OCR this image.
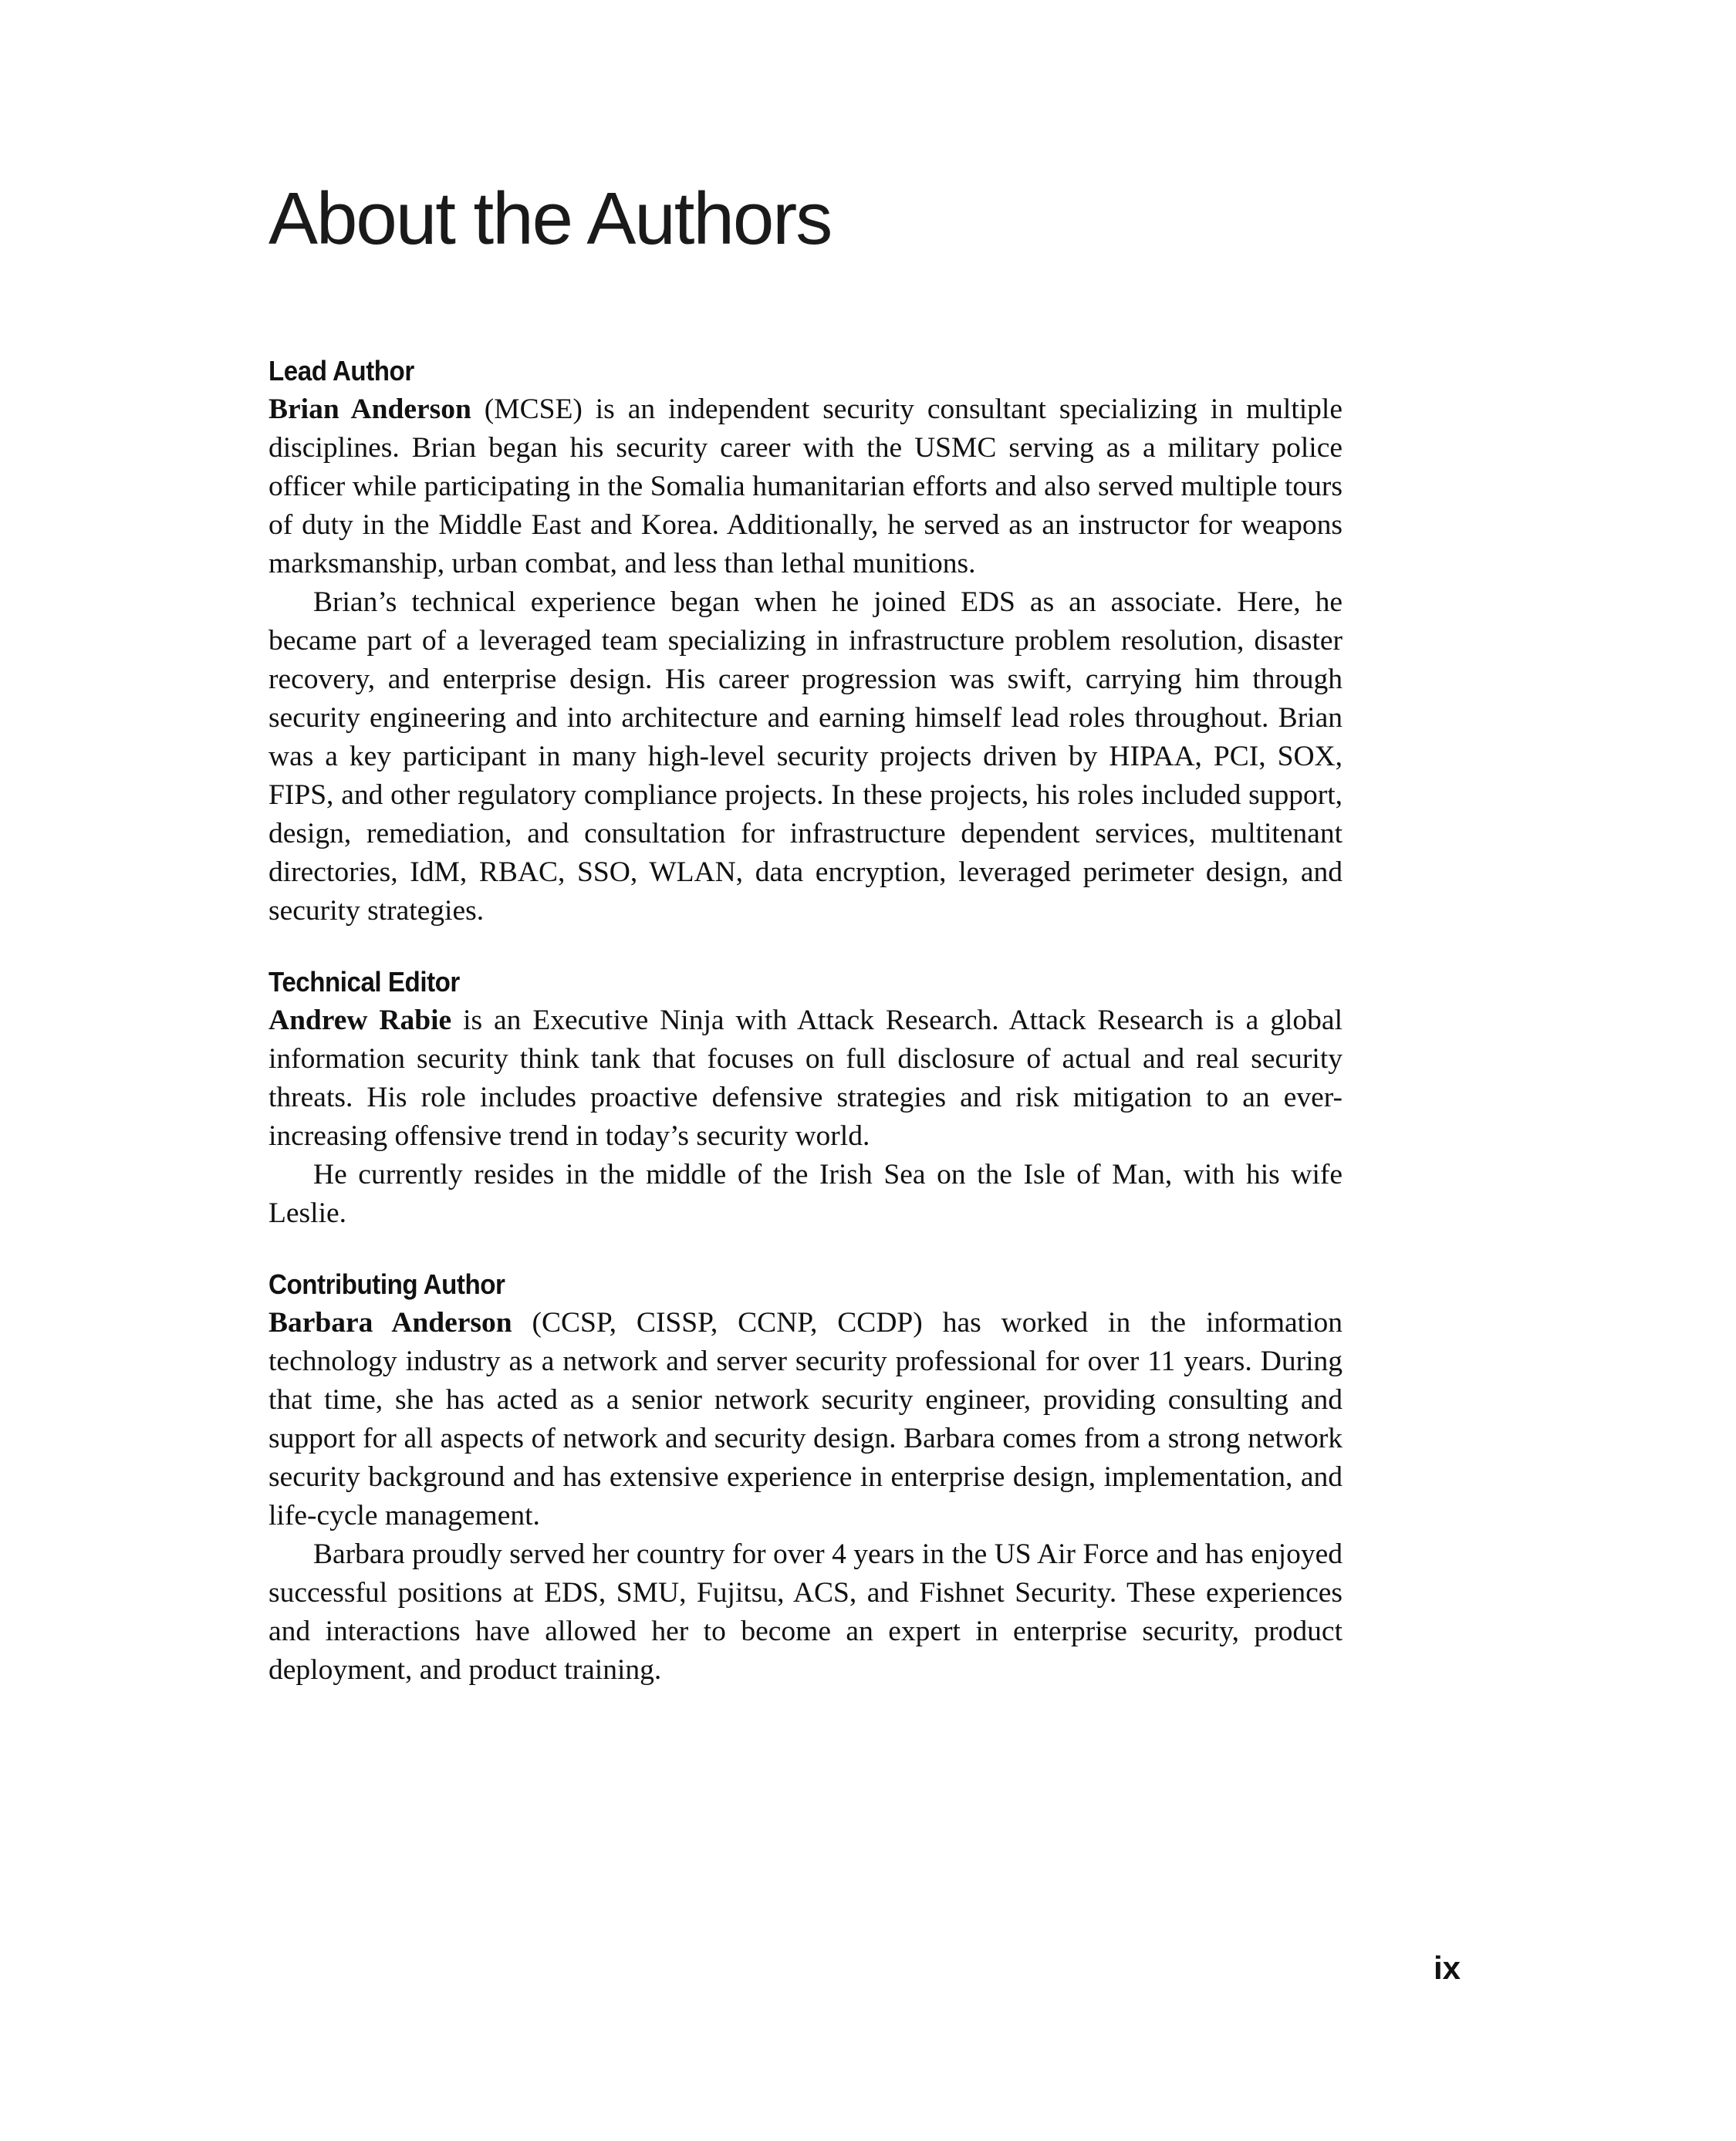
About the Authors
Lead Author

Brian Anderson (MCSE) is an independent security consultant specializing in multiple disciplines. Brian began his security career with the USMC serving as a military police officer while participating in the Somalia humanitarian efforts and also served multiple tours of duty in the Middle East and Korea. Additionally, he served as an instructor for weapons marksmanship, urban combat, and less than lethal munitions.

Brian’s technical experience began when he joined EDS as an associate. Here, he became part of a leveraged team specializing in infrastructure problem resolution, disaster recovery, and enterprise design. His career progression was swift, carrying him through security engineering and into architecture and earning himself lead roles throughout. Brian was a key participant in many high-level security projects driven by HIPAA, PCI, SOX, FIPS, and other regulatory compliance projects. In these projects, his roles included support, design, remediation, and consultation for infrastructure dependent services, multitenant directories, IdM, RBAC, SSO, WLAN, data encryption, leveraged perimeter design, and security strategies.

Technical Editor

Andrew Rabie is an Executive Ninja with Attack Research. Attack Research is a global information security think tank that focuses on full disclosure of actual and real security threats. His role includes proactive defensive strategies and risk mitigation to an ever-increasing offensive trend in today’s security world.

He currently resides in the middle of the Irish Sea on the Isle of Man, with his wife Leslie.

Contributing Author

Barbara Anderson (CCSP, CISSP, CCNP, CCDP) has worked in the information technology industry as a network and server security professional for over 11 years. During that time, she has acted as a senior network security engineer, providing consulting and support for all aspects of network and security design. Barbara comes from a strong network security background and has extensive experience in enterprise design, implementation, and life-cycle management.

Barbara proudly served her country for over 4 years in the US Air Force and has enjoyed successful positions at EDS, SMU, Fujitsu, ACS, and Fishnet Security. These experiences and interactions have allowed her to become an expert in enterprise security, product deployment, and product training.

ix
